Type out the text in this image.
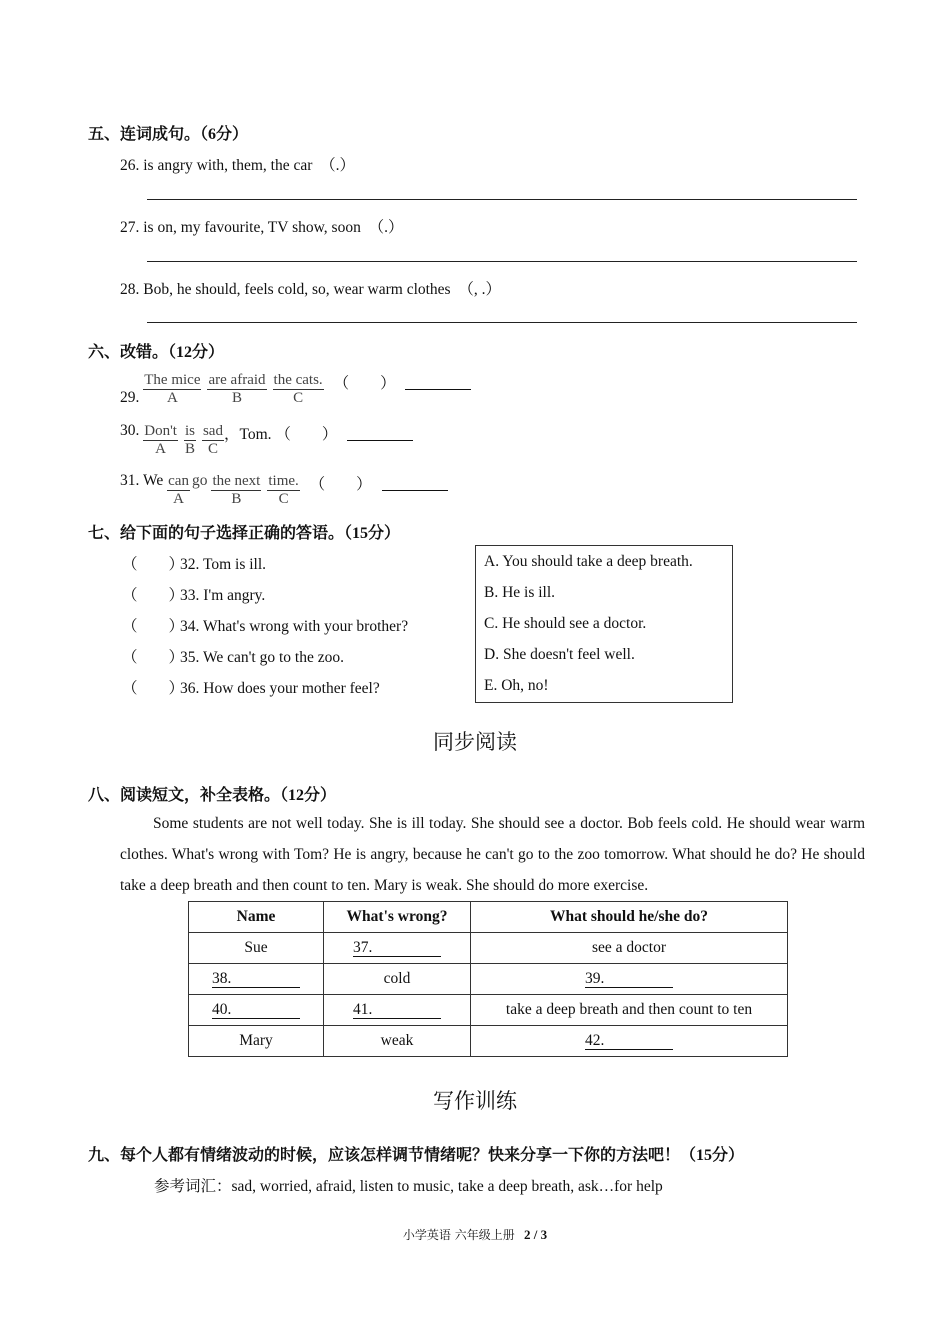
五、连词成句。（6分）
26. is angry with, them, the car　（.）
27. is on, my favourite, TV show, soon　（.）
28. Bob, he should, feels cold, so, wear warm clothes　（, .）
六、改错。（12分）
29.
The mice
A
are afraid
B
the cats.
C
（　　）
30. Don't
A	$\frac{is}{B}$ sad
C
，Tom. （　　）
31. We can
A
go the next
B
time.
C
（　　）
七、给下面的句子选择正确的答语。（15分）
（　　）32. Tom is ill.
（　　）33. I'm angry.
（　　）34. What's wrong with your brother?
（　　）35. We can't go to the zoo.
（　　）36. How does your mother feel?
A. You should take a deep breath.
B. He is ill.
C. He should see a doctor.
D. She doesn't feel well.
E. Oh, no!
同步阅读
八、阅读短文，补全表格。（12分）
Some students are not well today. She is ill today. She should see a doctor. Bob feels cold. He should wear warm clothes. What's wrong with Tom? He is angry, because he can't go to the zoo tomorrow. What should he do? He should take a deep breath and then count to ten. Mary is weak. She should do more exercise.
Name	What's wrong?	What should he/she do?
Sue	37.	see a doctor
38.	cold	39.
40.	41.	take a deep breath and then count to ten
Mary	weak	42.
写作训练
九、每个人都有情绪波动的时候，应该怎样调节情绪呢？快来分享一下你的方法吧！（15分）
参考词汇：sad, worried, afraid, listen to music, take a deep breath, ask…for help
小学英语 六年级上册 2 / 3
